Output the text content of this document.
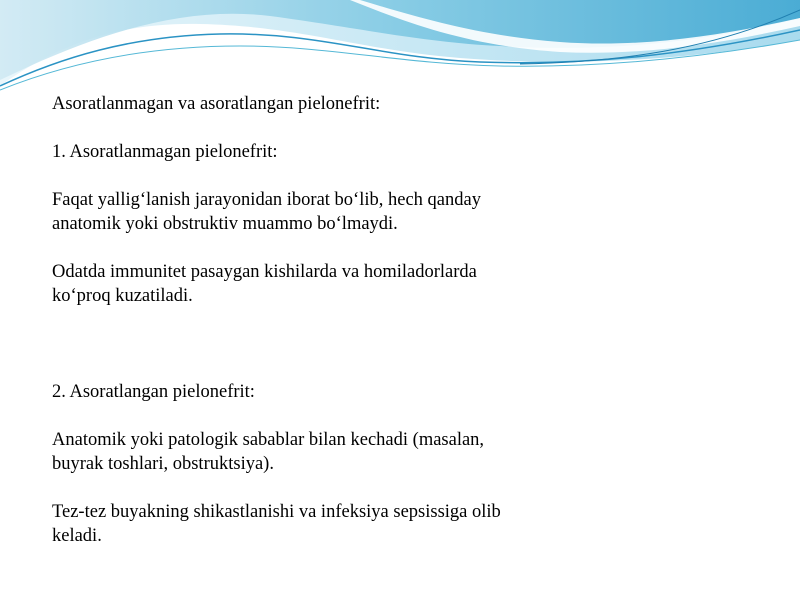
Asoratlanmagan va asoratlangan pielonefrit:

1. Asoratlanmagan pielonefrit:

Faqat yallig‘lanish jarayonidan iborat bo‘lib, hech qanday

anatomik yoki obstruktiv muammo bo‘lmaydi.

Odatda immunitet pasaygan kishilarda va homiladorlarda

ko‘proq kuzatiladi.

2. Asoratlangan pielonefrit:

Anatomik yoki patologik sabablar bilan kechadi (masalan,

buyrak toshlari, obstruktsiya).

Tez-tez buyakning shikastlanishi va infeksiya sepsissiga olib

keladi.
